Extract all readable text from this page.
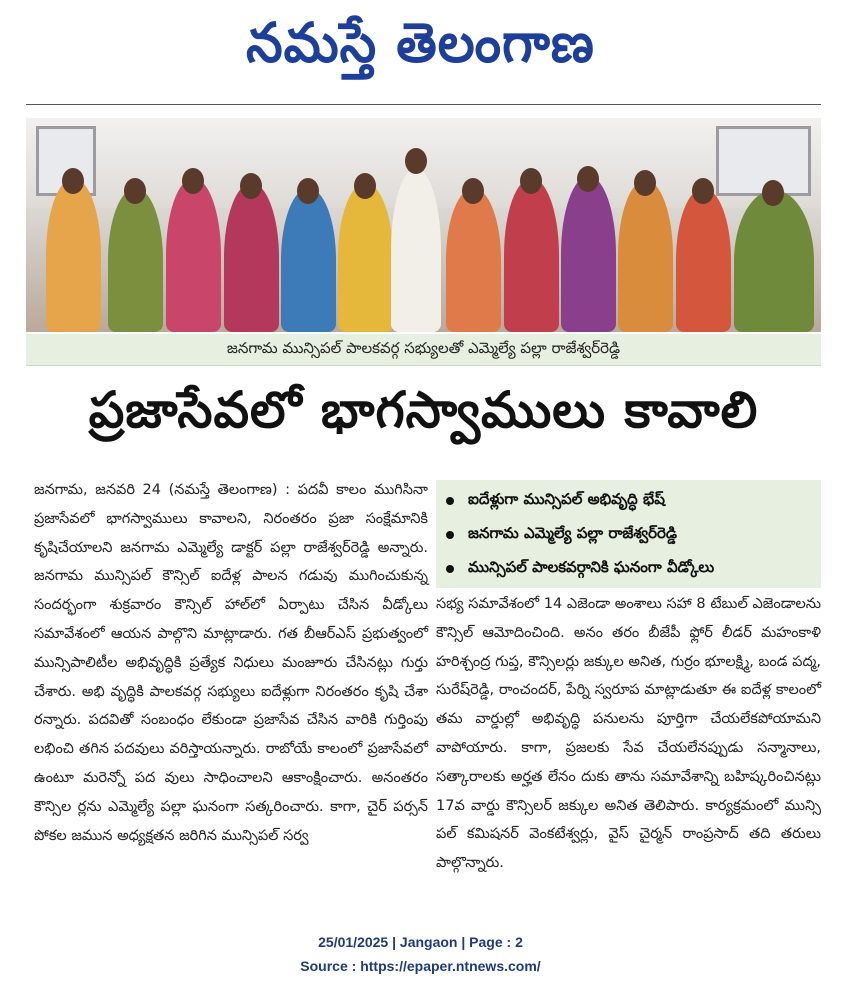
నమస్తే తెలంగాణ
జనగామ మున్సిపల్ పాలకవర్గ సభ్యులతో ఎమ్మెల్యే పల్లా రాజేశ్వర్‌రెడ్డి
ప్రజాసేవలో భాగస్వాములు కావాలి

జనగామ, జనవరి 24 (నమస్తే తెలంగాణ) : పదవీ కాలం ముగిసినా ప్రజాసేవలో భాగస్వాములు కావాలని, నిరంతరం ప్రజా సంక్షేమానికి కృషిచేయాలని జనగామ ఎమ్మెల్యే డాక్టర్ పల్లా రాజేశ్వర్‌రెడ్డి అన్నారు. జనగామ మున్సిపల్ కౌన్సిల్ ఐదేళ్ల పాలన గడువు ముగించుకున్న సందర్భంగా శుక్రవారం కౌన్సిల్ హాల్‌లో ఏర్పాటు చేసిన వీడ్కోలు సమావేశంలో ఆయన పాల్గొని మాట్లాడారు. గత బీఆర్‌ఎస్ ప్రభుత్వంలో మున్సిపాలిటీల అభివృద్ధికి ప్రత్యేక నిధులు మంజూరు చేసినట్లు గుర్తు చేశారు. అభి వృద్ధికి పాలకవర్గ సభ్యులు ఐదేళ్లుగా నిరంతరం కృషి చేశా రన్నారు. పదవితో సంబంధం లేకుండా ప్రజాసేవ చేసిన వారికి గుర్తింపు లభించి తగిన పదవులు వరిస్తాయన్నారు. రాబోయే కాలంలో ప్రజాసేవలో ఉంటూ మరెన్నో పద వులు సాధించాలని ఆకాంక్షించారు. అనంతరం కౌన్సిల ర్లను ఎమ్మెల్యే పల్లా ఘనంగా సత్కరించారు. కాగా, చైర్ పర్సన్ పోకల జమున అధ్యక్షతన జరిగిన మున్సిపల్ సర్వ

ఐదేళ్లుగా మున్సిపల్ అభివృద్ధి భేష్
జనగామ ఎమ్మెల్యే పల్లా రాజేశ్వర్‌రెడ్డి
మున్సిపల్ పాలకవర్గానికి ఘనంగా వీడ్కోలు

సభ్య సమావేశంలో 14 ఎజెండా అంశాలు సహా 8 టేబుల్ ఎజెండాలను కౌన్సిల్ ఆమోదించింది. అనం తరం బీజేపీ ఫ్లోర్ లీడర్ మహంకాళి హరిశ్చంద్ర గుప్త, కౌన్సిలర్లు జక్కుల అనిత, గుర్రం భూలక్ష్మి, బండ పద్మ, సురేష్‌రెడ్డి, రాంచందర్, పేర్ని స్వరూప మాట్లాడుతూ ఈ ఐదేళ్ల కాలంలో తమ వార్డుల్లో అభివృద్ధి పనులను పూర్తిగా చేయలేకపోయామని వాపోయారు. కాగా, ప్రజలకు సేవ చేయలేనప్పుడు సన్మానాలు, సత్కారాలకు అర్హత లేనం దుకు తాను సమావేశాన్ని బహిష్కరించినట్లు 17వ వార్డు కౌన్సిలర్ జక్కుల అనిత తెలిపారు. కార్యక్రమంలో మున్సి పల్ కమిషనర్ వెంకటేశ్వర్లు, వైస్ చైర్మన్ రాంప్రసాద్ తది తరులు పాల్గొన్నారు.

25/01/2025 | Jangaon | Page : 2
Source : https://epaper.ntnews.com/
